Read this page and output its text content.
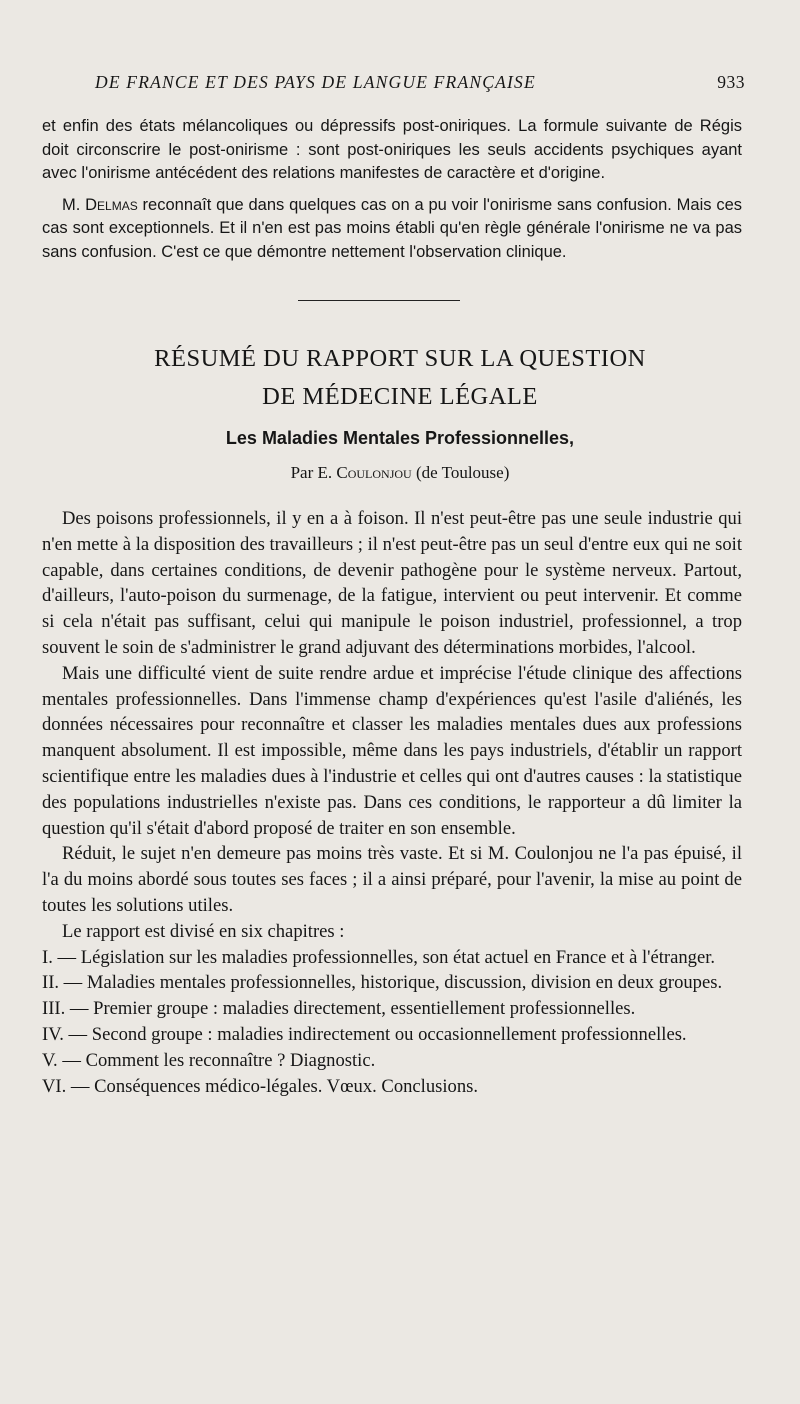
DE FRANCE ET DES PAYS DE LANGUE FRANÇAISE	933

et enfin des états mélancoliques ou dépressifs post-oniriques. La formule suivante de Régis doit circonscrire le post-onirisme : sont post-oniriques les seuls accidents psychiques ayant avec l'onirisme antécédent des relations manifestes de caractère et d'origine.

M. Delmas reconnaît que dans quelques cas on a pu voir l'onirisme sans confusion. Mais ces cas sont exceptionnels. Et il n'en est pas moins établi qu'en règle générale l'onirisme ne va pas sans confusion. C'est ce que démontre nettement l'observation clinique.

RÉSUMÉ DU RAPPORT SUR LA QUESTION
DE MÉDECINE LÉGALE
Les Maladies Mentales Professionnelles,
Par E. Coulonjou (de Toulouse)

Des poisons professionnels, il y en a à foison. Il n'est peut-être pas une seule industrie qui n'en mette à la disposition des travailleurs ; il n'est peut-être pas un seul d'entre eux qui ne soit capable, dans certaines conditions, de devenir pathogène pour le système nerveux. Partout, d'ailleurs, l'auto-poison du surmenage, de la fatigue, intervient ou peut intervenir. Et comme si cela n'était pas suffisant, celui qui manipule le poison industriel, professionnel, a trop souvent le soin de s'administrer le grand adjuvant des déterminations morbides, l'alcool.

Mais une difficulté vient de suite rendre ardue et imprécise l'étude clinique des affections mentales professionnelles. Dans l'immense champ d'expériences qu'est l'asile d'aliénés, les données nécessaires pour reconnaître et classer les maladies mentales dues aux professions manquent absolument. Il est impossible, même dans les pays industriels, d'établir un rapport scientifique entre les maladies dues à l'industrie et celles qui ont d'autres causes : la statistique des populations industrielles n'existe pas. Dans ces conditions, le rapporteur a dû limiter la question qu'il s'était d'abord proposé de traiter en son ensemble.

Réduit, le sujet n'en demeure pas moins très vaste. Et si M. Coulonjou ne l'a pas épuisé, il l'a du moins abordé sous toutes ses faces ; il a ainsi préparé, pour l'avenir, la mise au point de toutes les solutions utiles.

Le rapport est divisé en six chapitres :

I. — Législation sur les maladies professionnelles, son état actuel en France et à l'étranger.

II. — Maladies mentales professionnelles, historique, discussion, division en deux groupes.

III. — Premier groupe : maladies directement, essentiellement professionnelles.

IV. — Second groupe : maladies indirectement ou occasionnellement professionnelles.

V. — Comment les reconnaître ? Diagnostic.

VI. — Conséquences médico-légales. Vœux. Conclusions.
